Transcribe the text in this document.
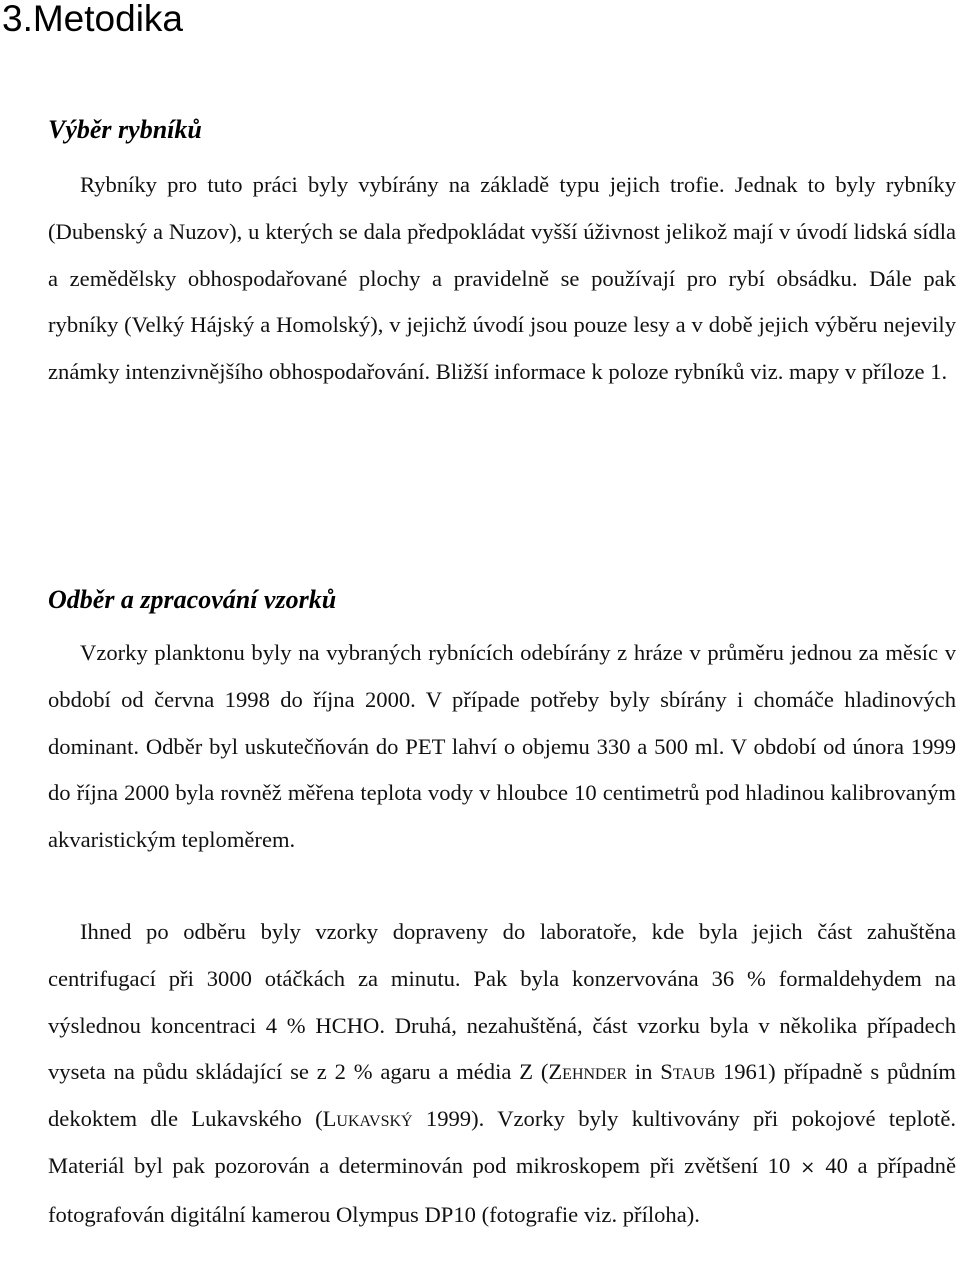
3.Metodika
Výběr rybníků

Rybníky pro tuto práci byly vybírány na základě typu jejich trofie. Jednak to byly rybníky (Dubenský a Nuzov), u kterých se dala předpokládat vyšší úživnost jelikož mají v úvodí lidská sídla a zemědělsky obhospodařované plochy a pravidelně se používají pro rybí obsádku. Dále pak rybníky (Velký Hájský a Homolský), v jejichž úvodí jsou pouze lesy a v době jejich výběru nejevily známky intenzivnějšího obhospodařování. Bližší informace k poloze rybníků viz. mapy v příloze 1.

Odběr a zpracování vzorků

Vzorky planktonu byly na vybraných rybnících odebírány z hráze v průměru jednou za měsíc v období od června 1998 do října 2000. V případe potřeby byly sbírány i chomáče hladinových dominant. Odběr byl uskutečňován do PET lahví o objemu 330 a 500 ml. V období od února 1999 do října 2000 byla rovněž měřena teplota vody v hloubce 10 centimetrů pod hladinou kalibrovaným akvaristickým teploměrem.

Ihned po odběru byly vzorky dopraveny do laboratoře, kde byla jejich část zahuštěna centrifugací při 3000 otáčkách za minutu. Pak byla konzervována 36 % formaldehydem na výslednou koncentraci 4 % HCHO. Druhá, nezahuštěná, část vzorku byla v několika případech vyseta na půdu skládající se z 2 % agaru a média Z (Zehnder in Staub 1961) případně s půdním dekoktem dle Lukavského (Lukavský 1999). Vzorky byly kultivovány při pokojové teplotě. Materiál byl pak pozorován a determinován pod mikroskopem při zvětšení 10 × 40 a případně fotografován digitální kamerou Olympus DP10 (fotografie viz. příloha).
